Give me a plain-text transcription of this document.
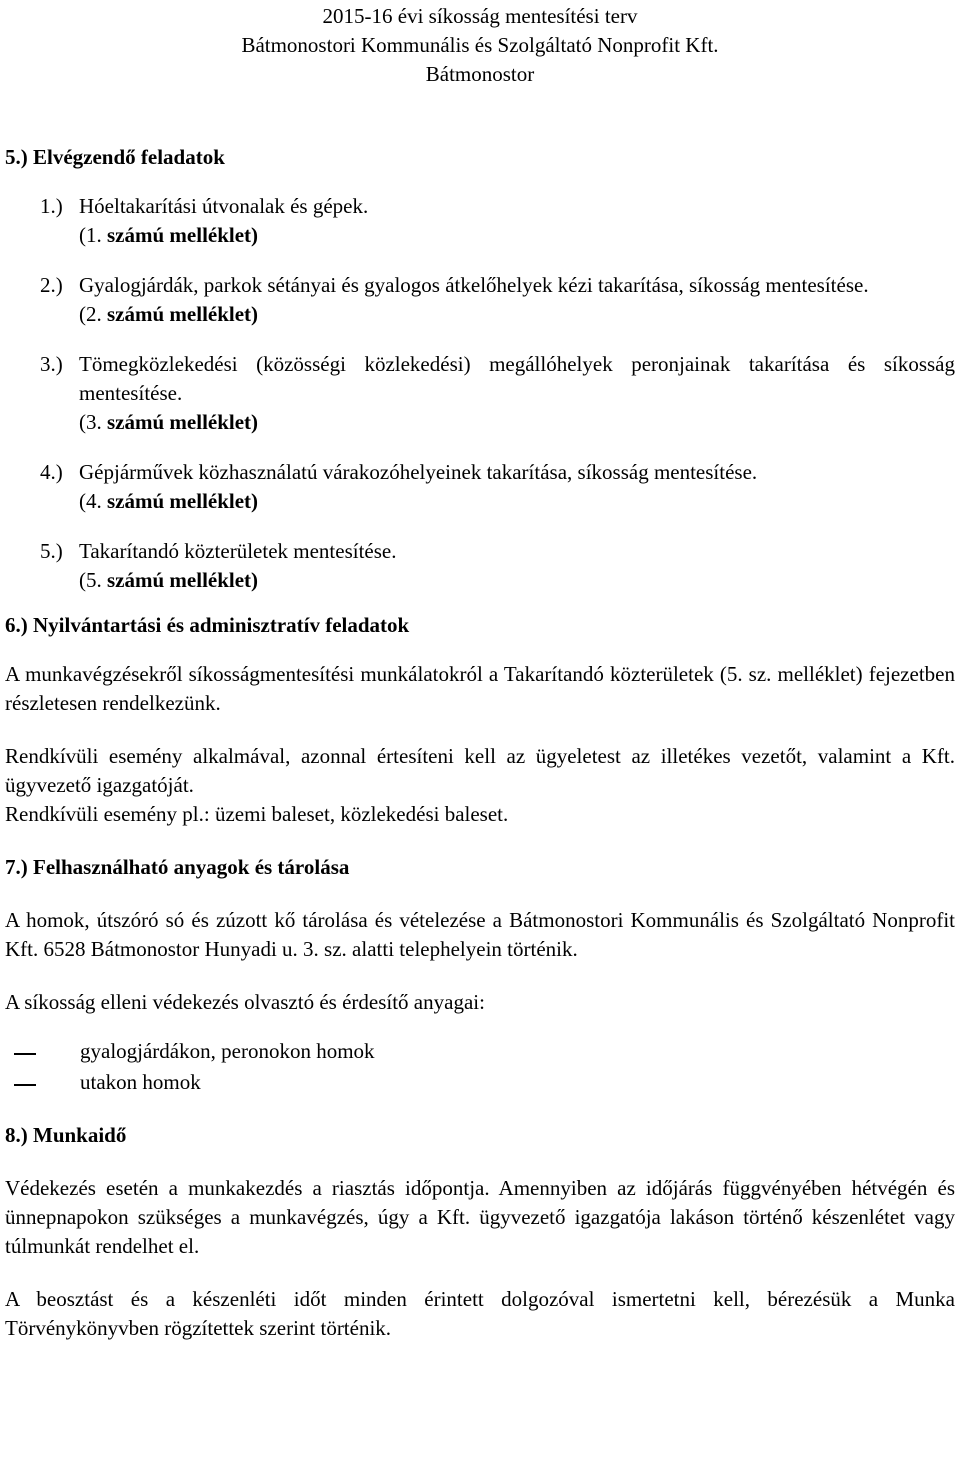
2015-16 évi síkosság mentesítési terv
Bátmonostori Kommunális és Szolgáltató Nonprofit Kft.
Bátmonostor
5.) Elvégzendő feladatok
1.) Hóeltakarítási útvonalak és gépek.
(1. számú melléklet)
2.) Gyalogjárdák, parkok sétányai és gyalogos átkelőhelyek kézi takarítása, síkosság mentesítése.
(2. számú melléklet)
3.) Tömegközlekedési (közösségi közlekedési) megállóhelyek peronjainak takarítása és síkosság mentesítése.
(3. számú melléklet)
4.) Gépjárművek közhasználatú várakozóhelyeinek takarítása, síkosság mentesítése.
(4. számú melléklet)
5.) Takarítandó közterületek mentesítése.
(5. számú melléklet)
6.) Nyilvántartási és adminisztratív feladatok
A munkavégzésekről síkosságmentesítési munkálatokról a Takarítandó közterületek (5. sz. melléklet) fejezetben részletesen rendelkezünk.
Rendkívüli esemény alkalmával, azonnal értesíteni kell az ügyeletest az illetékes vezetőt, valamint a Kft. ügyvezető igazgatóját.
Rendkívüli esemény pl.: üzemi baleset, közlekedési baleset.
7.) Felhasználható anyagok és tárolása
A homok, útszóró só és zúzott kő tárolása és vételezése a Bátmonostori Kommunális és Szolgáltató Nonprofit Kft. 6528 Bátmonostor Hunyadi u. 3. sz. alatti telephelyein történik.
A síkosság elleni védekezés olvasztó és érdesítő anyagai:
gyalogjárdákon, peronokon homok
utakon homok
8.) Munkaidő
Védekezés esetén a munkakezdés a riasztás időpontja. Amennyiben az időjárás függvényében hétvégén és ünnepnapokon szükséges a munkavégzés, úgy a Kft. ügyvezető igazgatója lakáson történő készenlétet vagy túlmunkát rendelhet el.
A beosztást és a készenléti időt minden érintett dolgozóval ismertetni kell, bérezésük a Munka Törvénykönyvben rögzítettek szerint történik.
